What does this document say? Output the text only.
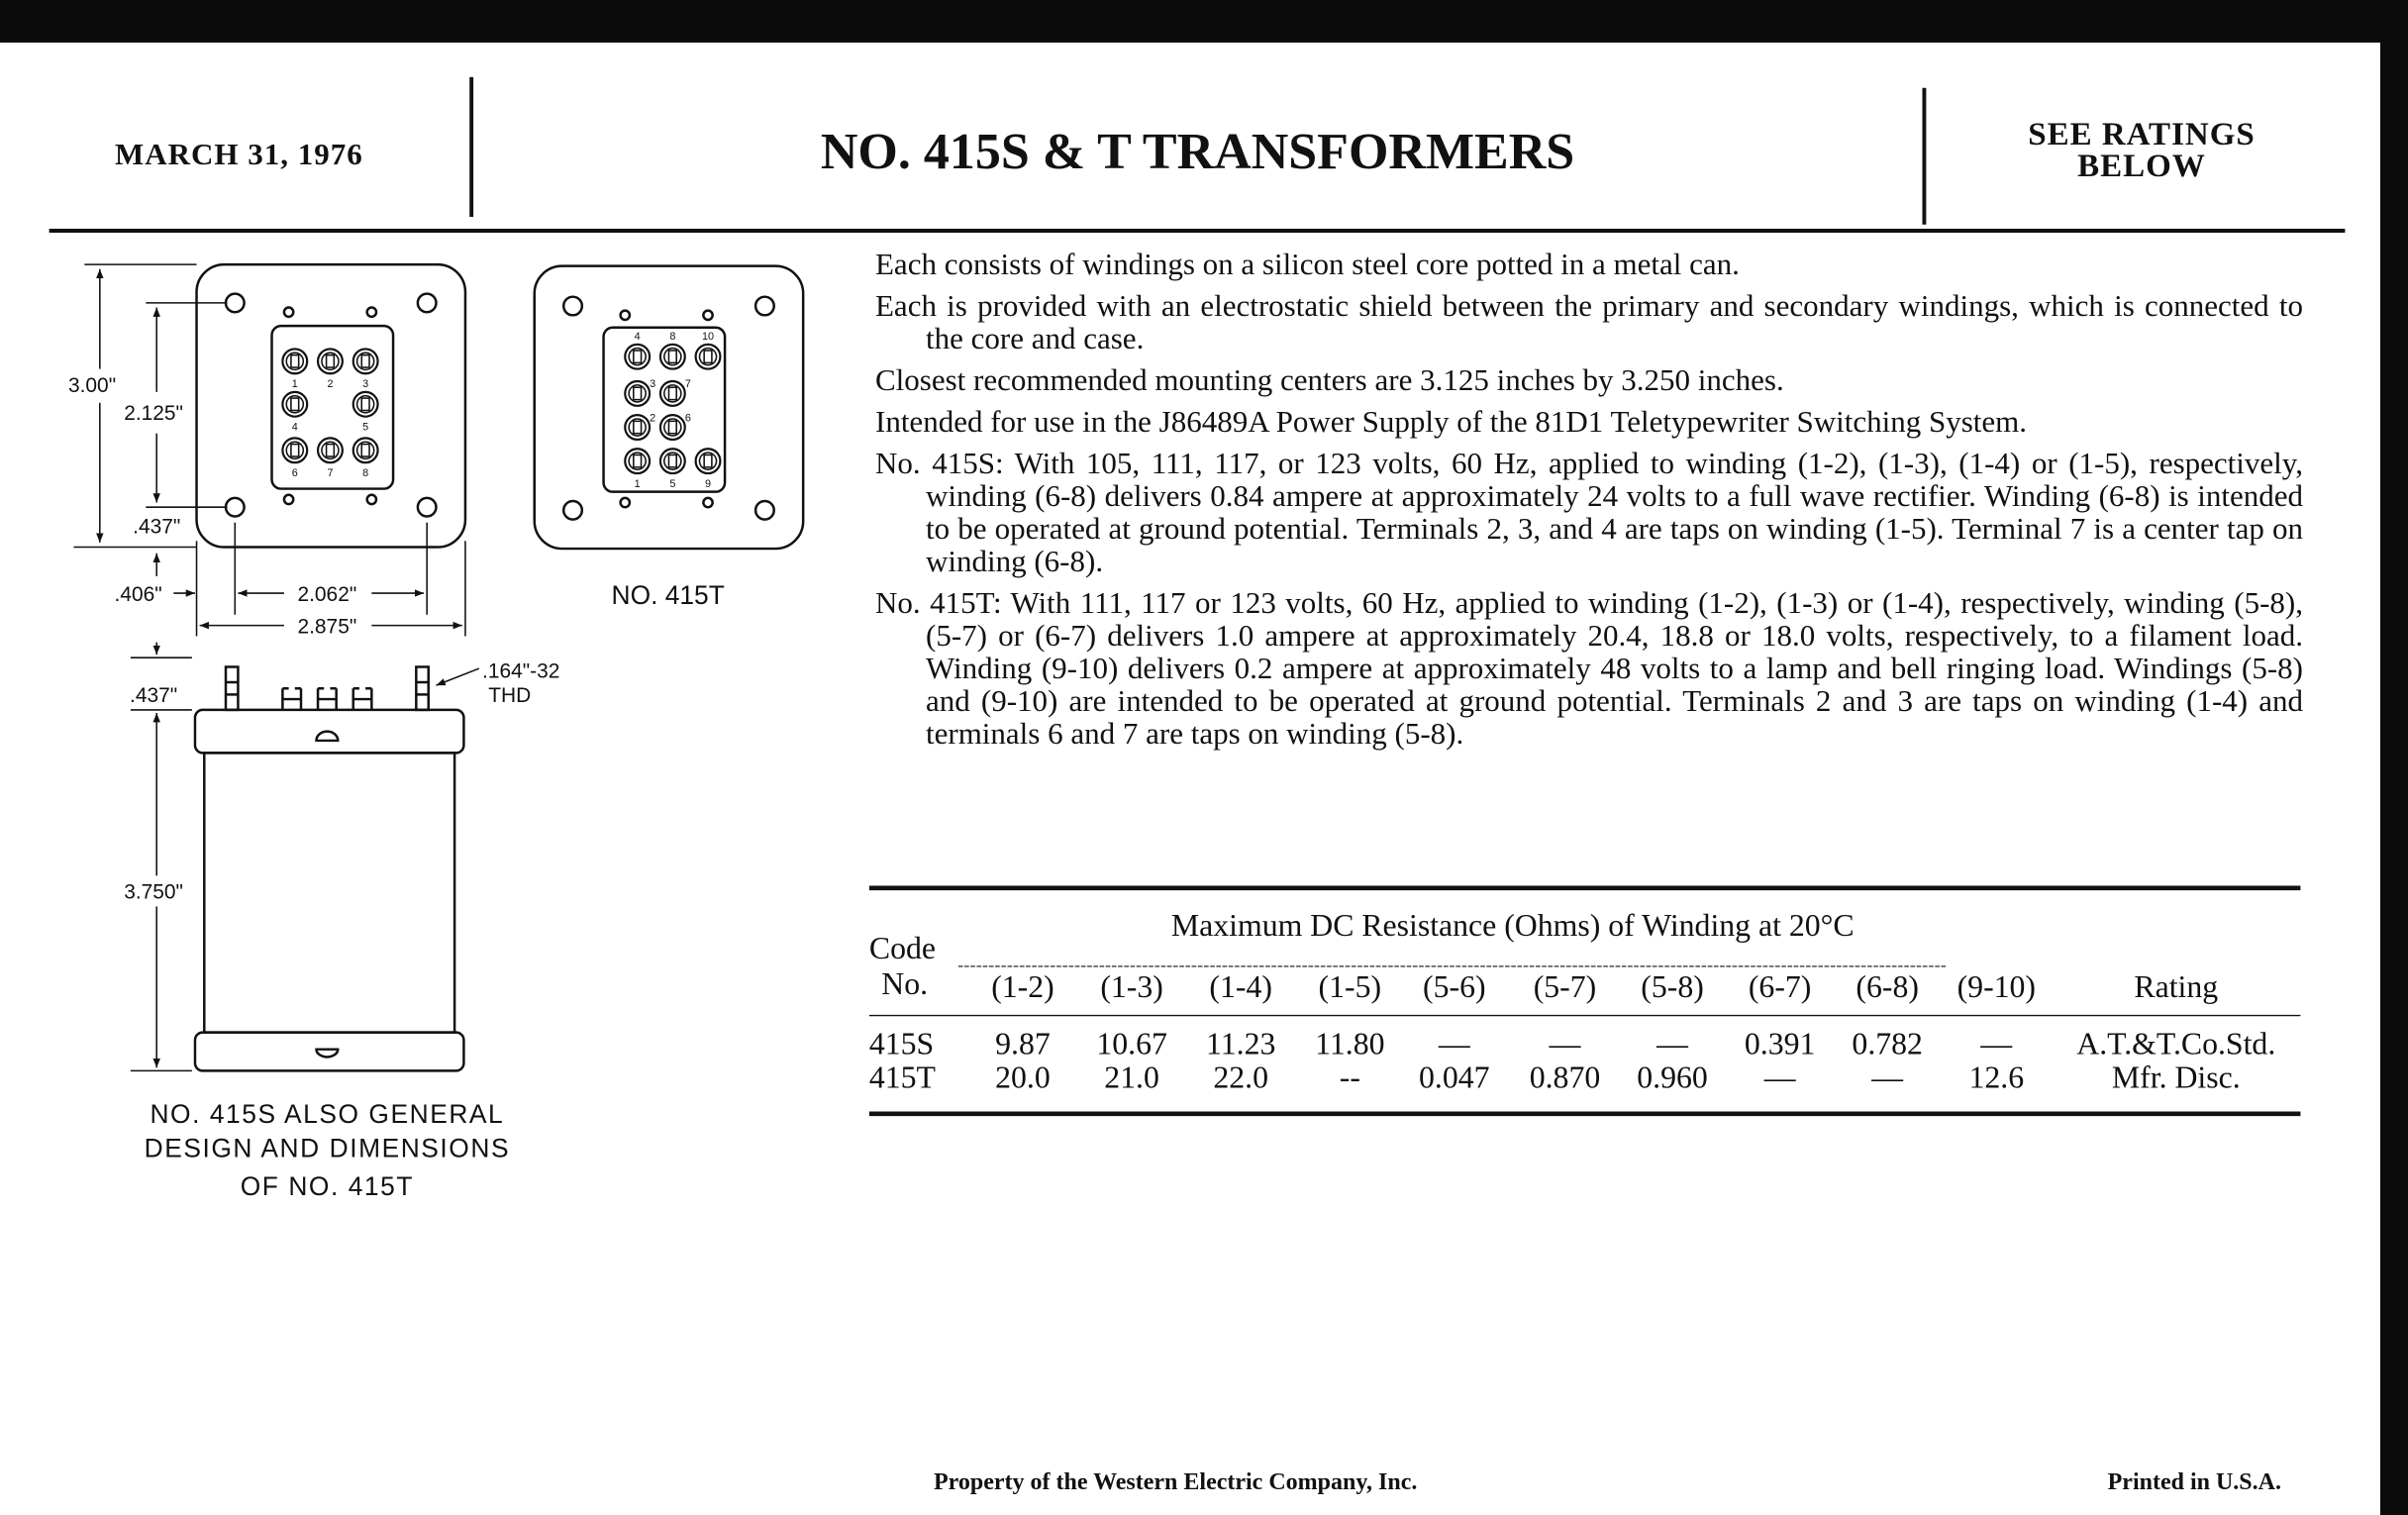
MARCH 31, 1976	NO. 415S & T TRANSFORMERS	SEE RATINGS
BELOW

Each consists of windings on a silicon steel core potted in a metal can.

Each is provided with an electrostatic shield between the primary and secondary windings, which is connected to the core and case.

Closest recommended mounting centers are 3.125 inches by 3.250 inches.

Intended for use in the J86489A Power Supply of the 81D1 Teletypewriter Switching System.

No. 415S: With 105, 111, 117, or 123 volts, 60 Hz, applied to winding (1-2), (1-3), (1-4) or (1-5), respectively, winding (6-8) delivers 0.84 ampere at approximately 24 volts to a full wave rectifier. Winding (6-8) is intended to be operated at ground potential. Terminals 2, 3, and 4 are taps on winding (1-5). Terminal 7 is a center tap on winding (6-8).

No. 415T: With 111, 117 or 123 volts, 60 Hz, applied to winding (1-2), (1-3) or (1-4), respectively, winding (5-8), (5-7) or (6-7) delivers 1.0 ampere at approximately 20.4, 18.8 or 18.0 volts, respectively, to a filament load. Winding (9-10) delivers 0.2 ampere at approximately 48 volts to a lamp and bell ringing load. Windings (5-8) and (9-10) are intended to be operated at ground potential. Terminals 2 and 3 are taps on winding (1-4) and terminals 6 and 7 are taps on winding (5-8).

1	2	3
4	5
6	7	8
4	8	10
3	7
2	6
1	5	9
3.00"
2.125"
.437"
.406"	2.062"
2.875"
NO. 415T
.437"
3.750"
.164"-32
THD
NO. 415S ALSO GENERAL
DESIGN AND DIMENSIONS
OF NO. 415T
Code
No.
Maximum DC Resistance (Ohms) of Winding at 20°C
Rating
(1-2) (1-3) (1-4) (1-5) (5-6) (5-7) (5-8) (6-7) (6-8) (9-10)
415S	9.87 10.67 11.23 11.80	—	—	—	0.391 0.782	—	A.T.&T.Co.Std.
415T	20.0	21.0	22.0	--	0.047 0.870 0.960	—	—	12.6	Mfr. Disc.
Property of the Western Electric Company, Inc.	Printed in U.S.A.
